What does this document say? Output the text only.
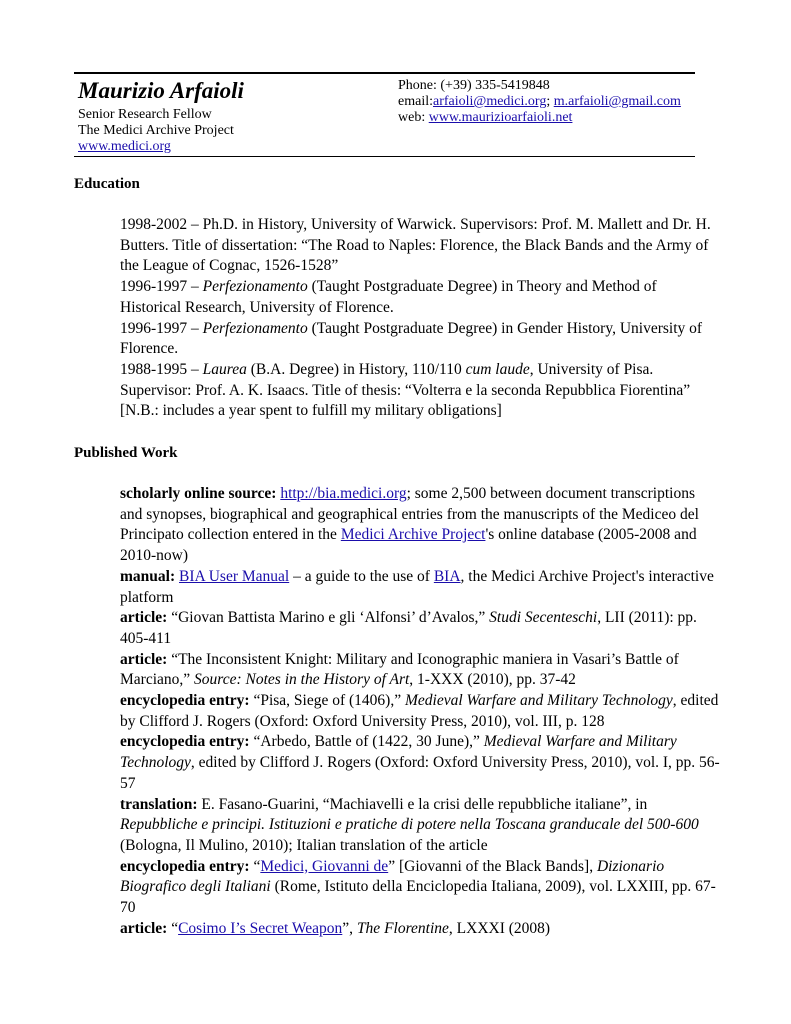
Maurizio Arfaioli
Senior Research Fellow
The Medici Archive Project
www.medici.org
Phone: (+39) 335-5419848
email:arfaioli@medici.org; m.arfaioli@gmail.com
web: www.maurizioarfaioli.net
Education

1998-2002 – Ph.D. in History, University of Warwick. Supervisors: Prof. M. Mallett and Dr. H. Butters. Title of dissertation: “The Road to Naples: Florence, the Black Bands and the Army of the League of Cognac, 1526-1528”

1996-1997 – Perfezionamento (Taught Postgraduate Degree) in Theory and Method of Historical Research, University of Florence.

1996-1997 – Perfezionamento (Taught Postgraduate Degree) in Gender History, University of Florence.

1988-1995 – Laurea (B.A. Degree) in History, 110/110 cum laude, University of Pisa. Supervisor: Prof. A. K. Isaacs. Title of thesis: “Volterra e la seconda Repubblica Fiorentina” [N.B.: includes a year spent to fulfill my military obligations]

Published Work

scholarly online source: http://bia.medici.org; some 2,500 between document transcriptions and synopses, biographical and geographical entries from the manuscripts of the Mediceo del Principato collection entered in the Medici Archive Project's online database (2005-2008 and 2010-now)

manual: BIA User Manual – a guide to the use of BIA, the Medici Archive Project's interactive platform

article: “Giovan Battista Marino e gli ‘Alfonsi’ d’Avalos,” Studi Secenteschi, LII (2011): pp. 405-411

article: “The Inconsistent Knight: Military and Iconographic maniera in Vasari’s Battle of Marciano,” Source: Notes in the History of Art, 1-XXX (2010), pp. 37-42

encyclopedia entry: “Pisa, Siege of (1406),” Medieval Warfare and Military Technology, edited by Clifford J. Rogers (Oxford: Oxford University Press, 2010), vol. III, p. 128

encyclopedia entry: “Arbedo, Battle of (1422, 30 June),” Medieval Warfare and Military Technology, edited by Clifford J. Rogers (Oxford: Oxford University Press, 2010), vol. I, pp. 56-57

translation: E. Fasano-Guarini, “Machiavelli e la crisi delle repubbliche italiane”, in Repubbliche e principi. Istituzioni e pratiche di potere nella Toscana granducale del 500-600 (Bologna, Il Mulino, 2010); Italian translation of the article

encyclopedia entry: “Medici, Giovanni de” [Giovanni of the Black Bands], Dizionario Biografico degli Italiani (Rome, Istituto della Enciclopedia Italiana, 2009), vol. LXXIII, pp. 67-70

article: “Cosimo I’s Secret Weapon”, The Florentine, LXXXI (2008)
